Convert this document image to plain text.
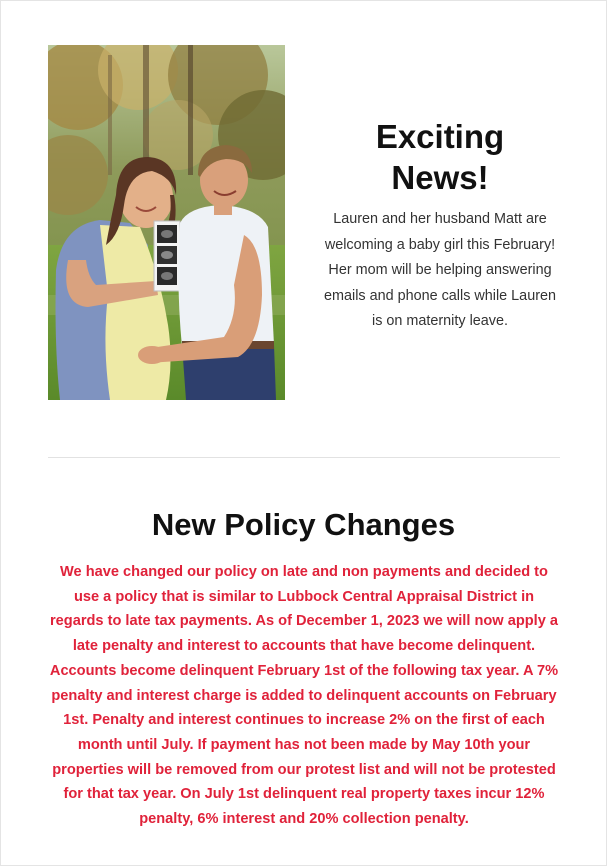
Exciting
News!

Lauren and her husband Matt are welcoming a baby girl this February! Her mom will be helping answering emails and phone calls while Lauren is on maternity leave.

New Policy Changes

We have changed our policy on late and non payments and decided to use a policy that is similar to Lubbock Central Appraisal District in regards to late tax payments. As of December 1, 2023 we will now apply a late penalty and interest to accounts that have become delinquent. Accounts become delinquent February 1st of the following tax year. A 7% penalty and interest charge is added to delinquent accounts on February 1st. Penalty and interest continues to increase 2% on the first of each month until July. If payment has not been made by May 10th your properties will be removed from our protest list and will not be protested for that tax year. On July 1st delinquent real property taxes incur 12% penalty, 6% interest and 20% collection penalty.
